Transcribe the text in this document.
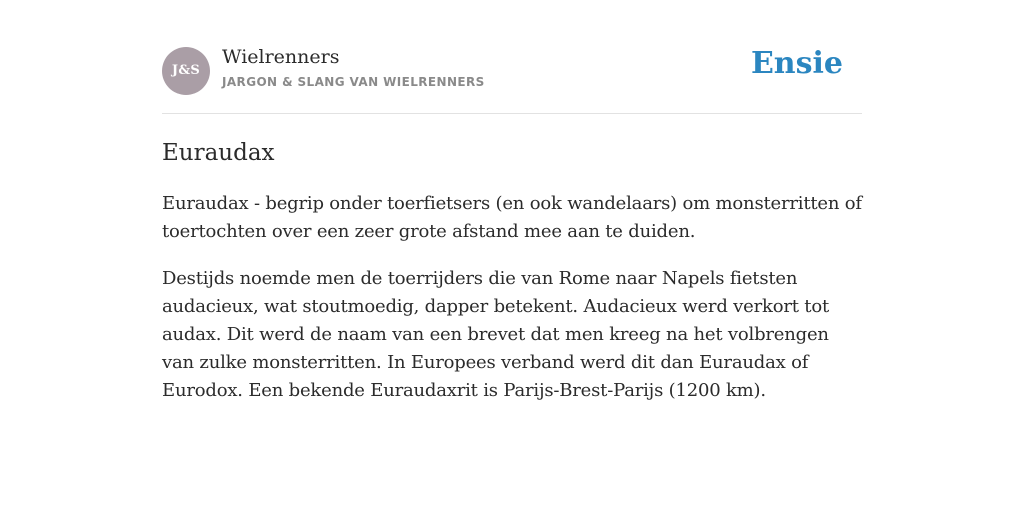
J&S
Wielrenners
JARGON & SLANG VAN WIELRENNERS
Ensie
Euraudax

Euraudax - begrip onder toerfietsers (en ook wandelaars) om monsterritten of toertochten over een zeer grote afstand mee aan te duiden.

Destijds noemde men de toerrijders die van Rome naar Napels fietsten audacieux, wat stoutmoedig, dapper betekent. Audacieux werd verkort tot audax. Dit werd de naam van een brevet dat men kreeg na het volbrengen van zulke monsterritten. In Europees verband werd dit dan Euraudax of Eurodox. Een bekende Euraudaxrit is Parijs-Brest-Parijs (1200 km).
